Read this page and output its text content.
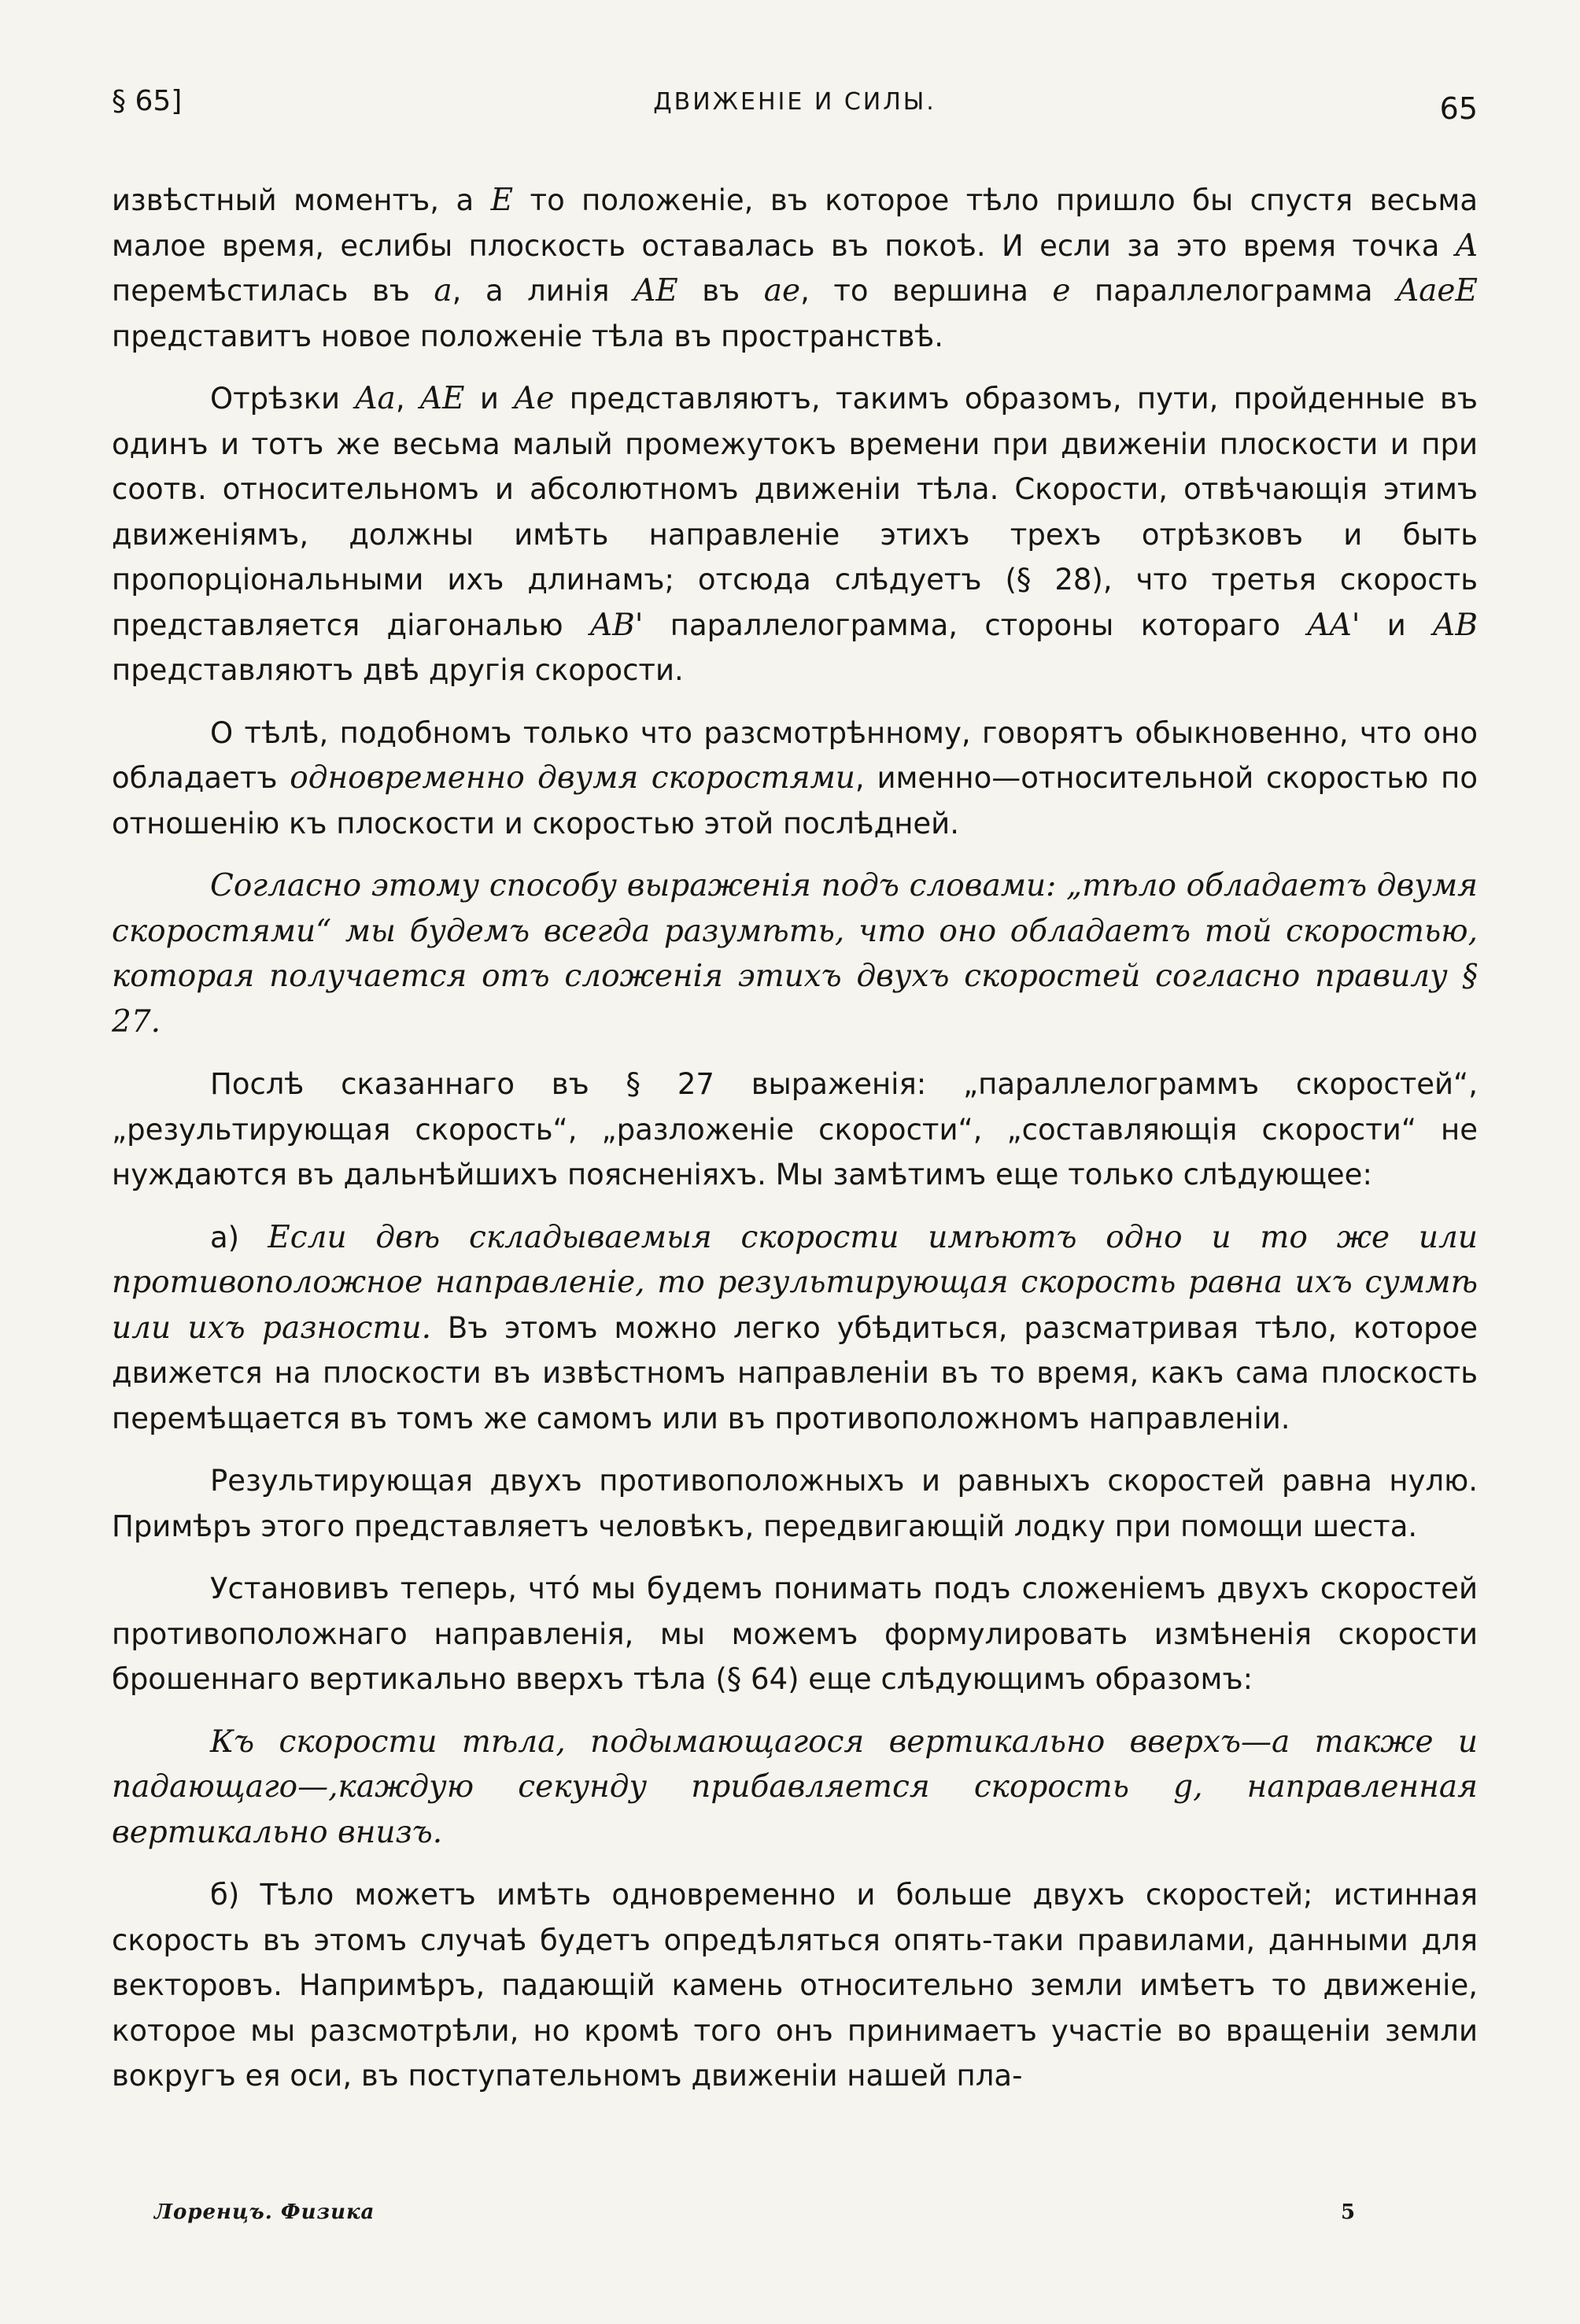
§ 65]	ДВИЖЕНІЕ И СИЛЫ.	65

извѣстный моментъ, а E то положеніе, въ которое тѣло пришло бы спустя весьма малое время, еслибы плоскость оставалась въ покоѣ. И если за это время точка A перемѣстилась въ a, а линія AE въ ae, то вершина e параллелограмма AaeE представитъ новое положеніе тѣла въ пространствѣ.

Отрѣзки Aa, AE и Ae представляютъ, такимъ образомъ, пути, пройденные въ одинъ и тотъ же весьма малый промежутокъ времени при движеніи плоскости и при соотв. относительномъ и абсолютномъ движеніи тѣла. Скорости, отвѣчающія этимъ движеніямъ, должны имѣть направленіе этихъ трехъ отрѣзковъ и быть пропорціональными ихъ длинамъ; отсюда слѣдуетъ (§ 28), что третья скорость представляется діагональю AB' параллелограмма, стороны котораго AA' и AB представляютъ двѣ другія скорости.

О тѣлѣ, подобномъ только что разсмотрѣнному, говорятъ обыкновенно, что оно обладаетъ одновременно двумя скоростями, именно—относительной скоростью по отношенію къ плоскости и скоростью этой послѣдней.

Согласно этому способу выраженія подъ словами: „тѣло обладаетъ двумя скоростями“ мы будемъ всегда разумѣть, что оно обладаетъ той скоростью, которая получается отъ сложенія этихъ двухъ скоростей согласно правилу § 27.

Послѣ сказаннаго въ § 27 выраженія: „параллелограммъ скоростей“, „результирующая скорость“, „разложеніе скорости“, „составляющія скорости“ не нуждаются въ дальнѣйшихъ поясненіяхъ. Мы замѣтимъ еще только слѣдующее:

а) Если двѣ складываемыя скорости имѣютъ одно и то же или противоположное направленіе, то результирующая скорость равна ихъ суммѣ или ихъ разности. Въ этомъ можно легко убѣдиться, разсматривая тѣло, которое движется на плоскости въ извѣстномъ направленіи въ то время, какъ сама плоскость перемѣщается въ томъ же самомъ или въ противоположномъ направленіи.

Результирующая двухъ противоположныхъ и равныхъ скоростей равна нулю. Примѣръ этого представляетъ человѣкъ, передвигающій лодку при помощи шеста.

Установивъ теперь, что́ мы будемъ понимать подъ сложеніемъ двухъ скоростей противоположнаго направленія, мы можемъ формулировать измѣненія скорости брошеннаго вертикально вверхъ тѣла (§ 64) еще слѣдующимъ образомъ:

Къ скорости тѣла, подымающагося вертикально вверхъ—а также и падающаго—,каждую секунду прибавляется скорость g, направленная вертикально внизъ.

б) Тѣло можетъ имѣть одновременно и больше двухъ скоростей; истинная скорость въ этомъ случаѣ будетъ опредѣляться опять-таки правилами, данными для векторовъ. Напримѣръ, падающій камень относительно земли имѣетъ то движеніе, которое мы разсмотрѣли, но кромѣ того онъ принимаетъ участіе во вращеніи земли вокругъ ея оси, въ поступательномъ движеніи нашей пла-

Лоренцъ. Физика	5
